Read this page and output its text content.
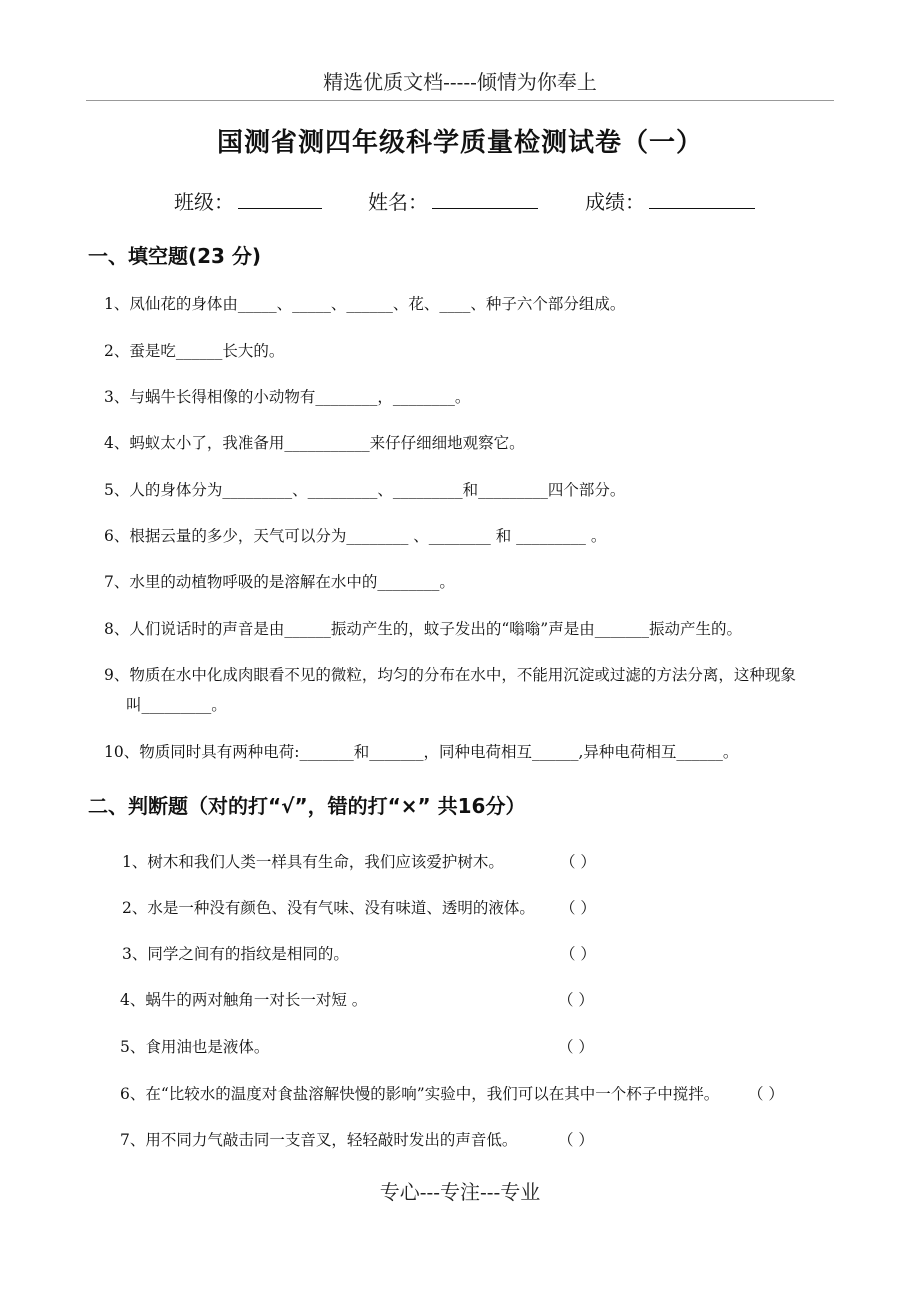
精选优质文档-----倾情为你奉上
国测省测四年级科学质量检测试卷（一）
班级：	姓名：	成绩：
一、填空题(23 分)
1、凤仙花的身体由_____、_____、______、花、____、种子六个部分组成。
2、蚕是吃______长大的。
3、与蜗牛长得相像的小动物有________，________。
4、蚂蚁太小了，我准备用___________来仔仔细细地观察它。
5、人的身体分为_________、_________、_________和_________四个部分。
6、根据云量的多少，天气可以分为________ 、________ 和 _________ 。
7、水里的动植物呼吸的是溶解在水中的________。
8、人们说话时的声音是由______振动产生的，蚊子发出的“嗡嗡”声是由_______振动产生的。
9、物质在水中化成肉眼看不见的微粒，均匀的分布在水中，不能用沉淀或过滤的方法分离，这种现象
叫_________。
10、物质同时具有两种电荷:_______和_______，同种电荷相互______,异种电荷相互______。
二、判断题（对的打“√”，错的打“×” 共16分）
1、树木和我们人类一样具有生命，我们应该爱护树木。	（ ）
2、水是一种没有颜色、没有气味、没有味道、透明的液体。 （ ）
3、同学之间有的指纹是相同的。	（ ）
4、蜗牛的两对触角一对长一对短 。	（ ）
5、食用油也是液体。	（ ）
6、在“比较水的温度对食盐溶解快慢的影响”实验中，我们可以在其中一个杯子中搅拌。 （ ）
7、用不同力气敲击同一支音叉，轻轻敲时发出的声音低。	（ ）
专心---专注---专业
